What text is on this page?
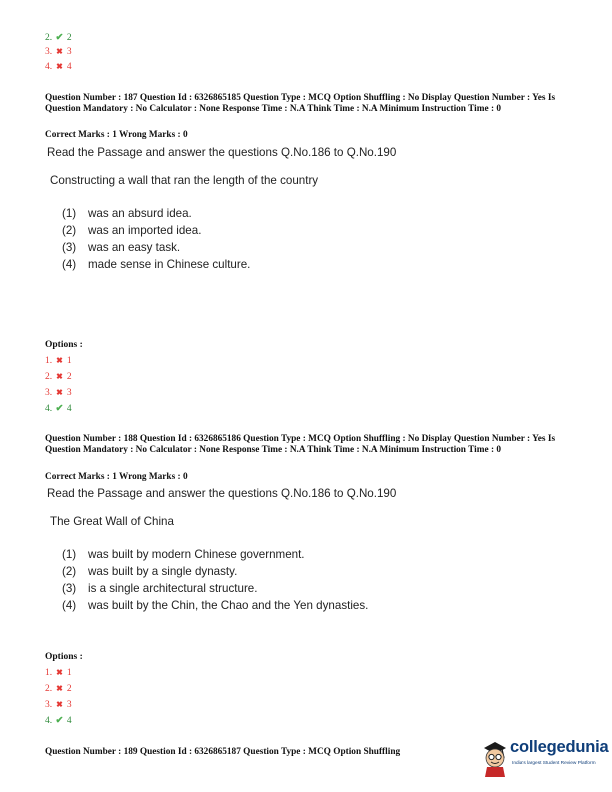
2. ✔ 2
3. ✖ 3
4. ✖ 4
Question Number : 187 Question Id : 6326865185 Question Type : MCQ Option Shuffling : No Display Question Number : Yes Is Question Mandatory : No Calculator : None Response Time : N.A Think Time : N.A Minimum Instruction Time : 0
Correct Marks : 1 Wrong Marks : 0
Read the Passage and answer the questions Q.No.186 to Q.No.190
Constructing a wall that ran the length of the country
(1) was an absurd idea.
(2) was an imported idea.
(3) was an easy task.
(4) made sense in Chinese culture.
Options :
1. ✖ 1
2. ✖ 2
3. ✖ 3
4. ✔ 4
Question Number : 188 Question Id : 6326865186 Question Type : MCQ Option Shuffling : No Display Question Number : Yes Is Question Mandatory : No Calculator : None Response Time : N.A Think Time : N.A Minimum Instruction Time : 0
Correct Marks : 1 Wrong Marks : 0
Read the Passage and answer the questions Q.No.186 to Q.No.190
The Great Wall of China
(1) was built by modern Chinese government.
(2) was built by a single dynasty.
(3) is a single architectural structure.
(4) was built by the Chin, the Chao and the Yen dynasties.
Options :
1. ✖ 1
2. ✖ 2
3. ✖ 3
4. ✔ 4
Question Number : 189 Question Id : 6326865187 Question Type : MCQ Option Shuffling	collegedunia
India's largest Student Review Platform
